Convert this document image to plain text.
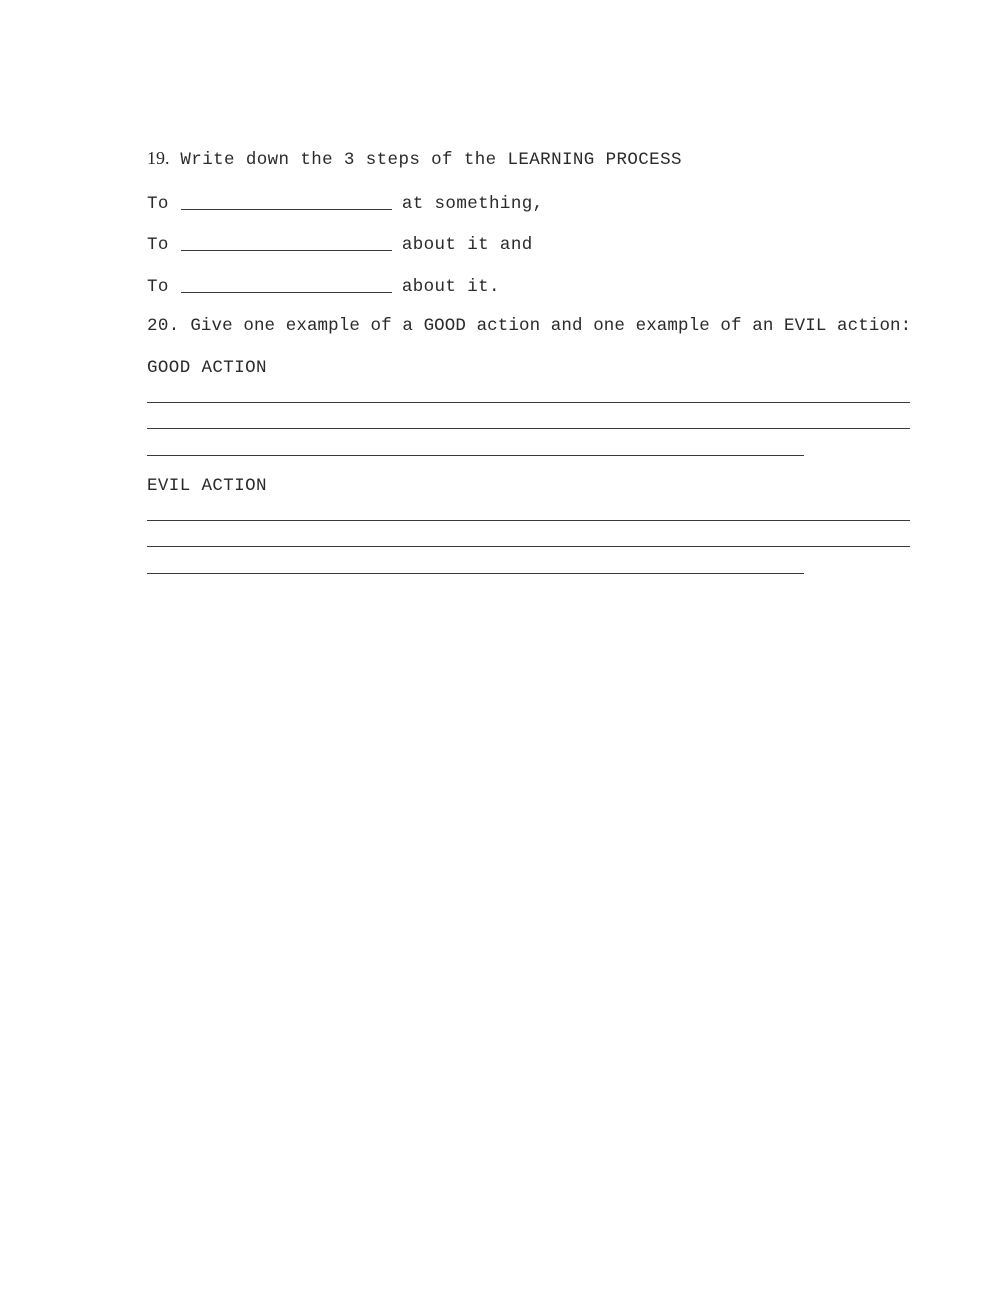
19. Write down the 3 steps of the LEARNING PROCESS
To	at something,
To	about it and
To	about it.
20. Give one example of a GOOD action and one example of an EVIL action:
GOOD ACTION
EVIL ACTION
